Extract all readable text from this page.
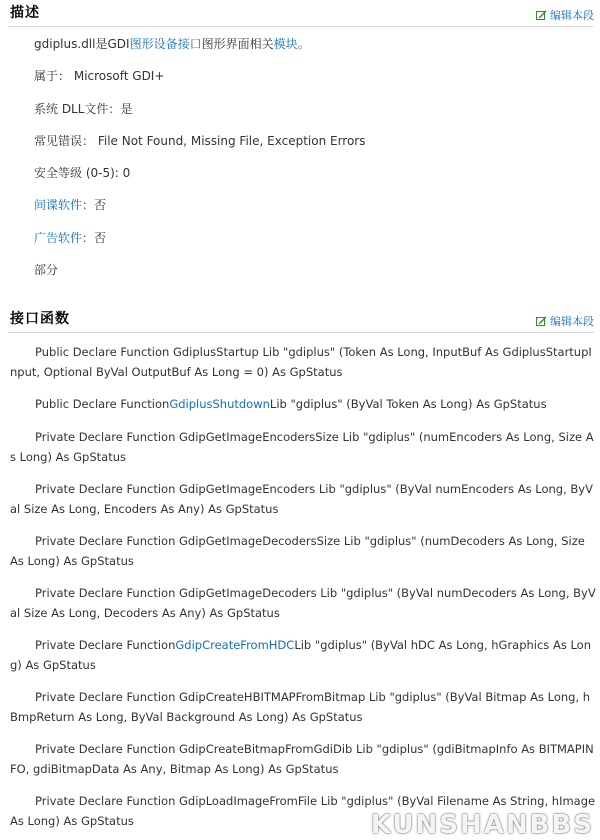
描述	编辑本段
gdiplus.dll是GDI图形设备接口图形界面相关模块。
属于： Microsoft GDI+
系统 DLL文件：是
常见错误： File Not Found, Missing File, Exception Errors
安全等级 (0-5): 0
间谍软件：否
广告软件：否
部分
接口函数	编辑本段

Public Declare Function GdiplusStartup Lib "gdiplus" (Token As Long, InputBuf As GdiplusStartupInput, Optional ByVal OutputBuf As Long = 0) As GpStatus

Public Declare FunctionGdiplusShutdownLib "gdiplus" (ByVal Token As Long) As GpStatus

Private Declare Function GdipGetImageEncodersSize Lib "gdiplus" (numEncoders As Long, Size As Long) As GpStatus

Private Declare Function GdipGetImageEncoders Lib "gdiplus" (ByVal numEncoders As Long, ByVal Size As Long, Encoders As Any) As GpStatus

Private Declare Function GdipGetImageDecodersSize Lib "gdiplus" (numDecoders As Long, Size As Long) As GpStatus

Private Declare Function GdipGetImageDecoders Lib "gdiplus" (ByVal numDecoders As Long, ByVal Size As Long, Decoders As Any) As GpStatus

Private Declare FunctionGdipCreateFromHDCLib "gdiplus" (ByVal hDC As Long, hGraphics As Long) As GpStatus

Private Declare Function GdipCreateHBITMAPFromBitmap Lib "gdiplus" (ByVal Bitmap As Long, hBmpReturn As Long, ByVal Background As Long) As GpStatus

Private Declare Function GdipCreateBitmapFromGdiDib Lib "gdiplus" (gdiBitmapInfo As BITMAPINFO, gdiBitmapData As Any, Bitmap As Long) As GpStatus

Private Declare Function GdipLoadImageFromFile Lib "gdiplus" (ByVal Filename As String, hImage As Long) As GpStatus	KUNSHANBBS
